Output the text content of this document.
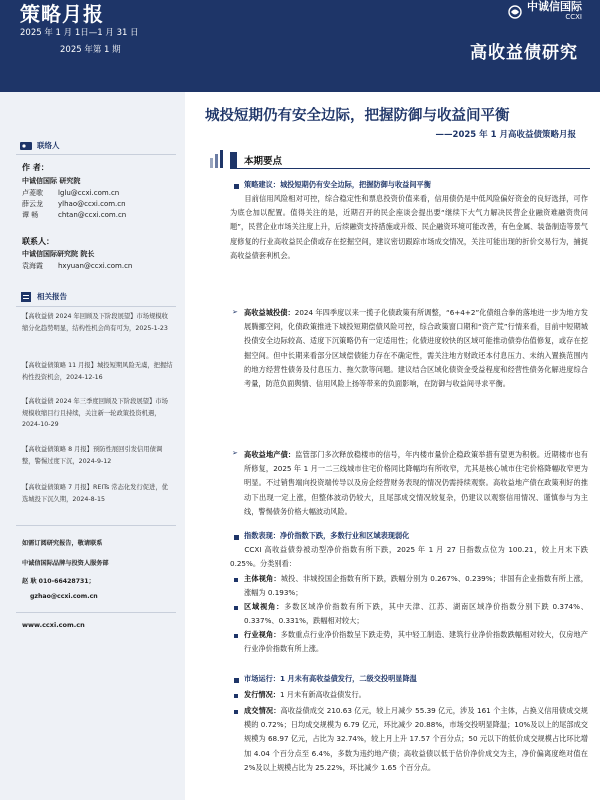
策略月报
2025 年 1 月 1日—1 月 31 日
2025 年第 1 期
中诚信国际
CCXI
高收益债研究
联络人
作 者：
中诚信国际 研究院
卢菱歌 lglu@ccxi.com.cn
薛云龙 ylhao@ccxi.com.cn
谭 畅	chtan@ccxi.com.cn
联系人：
中诚信国际研究院 院长
袁海霞 hxyuan@ccxi.com.cn
相关报告
【高收益债 2024 年回顾及下阶段展望】市场规模收缩分化趋势明显，结构性机会尚有可为，2025-1-23
【高收益债策略 11 月报】城投短期风险无虞，把握结构性投资机会，2024-12-16
【高收益债 2024 年三季度回顾及下阶段展望】市场规模收缩目行且持续，关注新一轮政策投资机遇，2024-10-29
【高收益债策略 8 月报】预防性展回引发信用债调整，警惕过度下沉，2024-9-12
【高收益债策略 7 月报】REITs 常态化发行促进，优选城投下沉久期，2024-8-15
如需订阅研究报告，敬请联系
中诚信国际品牌与投资人服务部
赵 耿 010-66428731；
gzhao@ccxi.com.cn
www.ccxi.com.cn
城投短期仍有安全边际，把握防御与收益间平衡
——2025 年 1 月高收益债策略月报
本期要点
策略建议：城投短期仍有安全边际，把握防御与收益间平衡

目前信用风险相对可控，综合稳定性和票息投资价值来看，信用债仍是中低风险偏好资金的良好选择，可作为底仓加以配置。值得关注的是，近期召开的民企座谈会提出要“继续下大气力解决民营企业融资难融资贵问题”，民营企业市场关注度上升，后续融资支持措施或升级、民企融资环境可能改善，有色金属、装备制造等景气度修复的行业高收益民企债或存在挖掘空间，建议密切跟踪市场成交情况，关注可能出现的折价交易行为，捕捉高收益债套利机会。

➢ 高收益城投债：2024 年四季度以来一揽子化债政策有所调整，“6+4+2”化债组合拳的落地进一步为地方发展腾挪空间，化债政策推进下城投短期偿债风险可控，综合政策窗口期和“资产荒”行情来看，目前中短期城投债安全边际较高、适度下沉策略仍有一定适用性；化债进度较快的区域可能推动债券估值修复，或存在挖掘空间。但中长期来看部分区域偿债能力存在不确定性，需关注地方财政还本付息压力、未纳入置换范围内的地方经营性债务及付息压力、拖欠款等问题。建议结合区域化债资金受益程度和经营性债务化解进度综合考量，防范负面舆情、信用风险上扬等带来的负面影响，在防御与收益间寻求平衡。
➢ 高收益地产债：监管部门多次释放稳楼市的信号，年内楼市量价企稳政策举措有望更为积极。近期楼市也有所修复，2025 年 1 月一二三线城市住宅价格同比降幅均有所收窄，尤其是核心城市住宅价格降幅收窄更为明显。不过销售端向投资端传导以及房企经营财务表现的情况仍需持续观察。高收益地产债在政策利好的推动下出现一定上涨，但整体波动仍较大，且尾部成交情况较复杂，仍建议以观察信用情况、谨慎参与为主线，警惕债务价格大幅波动风险。
指数表现：净价指数下跌，多数行业和区域表现弱化

CCXI 高收益债券被动型净价指数有所下跌，2025 年 1 月 27 日指数点位为 100.21，较上月末下跌 0.25%。分类别看：

主体视角：城投、非城投国企指数有所下跌，跌幅分别为 0.267%、0.239%；非国有企业指数有所上涨，涨幅为 0.193%；
区域视角：多数区域净价指数有所下跌，其中天津、江苏、湖南区域净价指数分别下跌 0.374%、0.337%、0.331%，跌幅相对较大；
行业视角：多数重点行业净价指数呈下跌走势，其中轻工制造、建筑行业净价指数跌幅相对较大，仅房地产行业净价指数有所上涨。
市场运行：1 月未有高收益债发行，二级交投明显降温
发行情况：1 月未有新高收益债发行。
成交情况：高收益债成交 210.63 亿元，较上月减少 55.39 亿元，涉及 161 个主体，占换义信用债成交规模的 0.72%；日均成交规模为 6.79 亿元，环比减少 20.88%，市场交投明显降温；10%及以上的尾部成交规模为 68.97 亿元，占比为 32.74%，较上月上升 17.57 个百分点；50 元以下的低价成交规模占比环比增加 4.04 个百分点至 6.4%，多数为违约地产债；高收益债以低于估价净价成交为主，净价偏离度绝对值在 2%及以上规模占比为 25.22%，环比减少 1.65 个百分点。
